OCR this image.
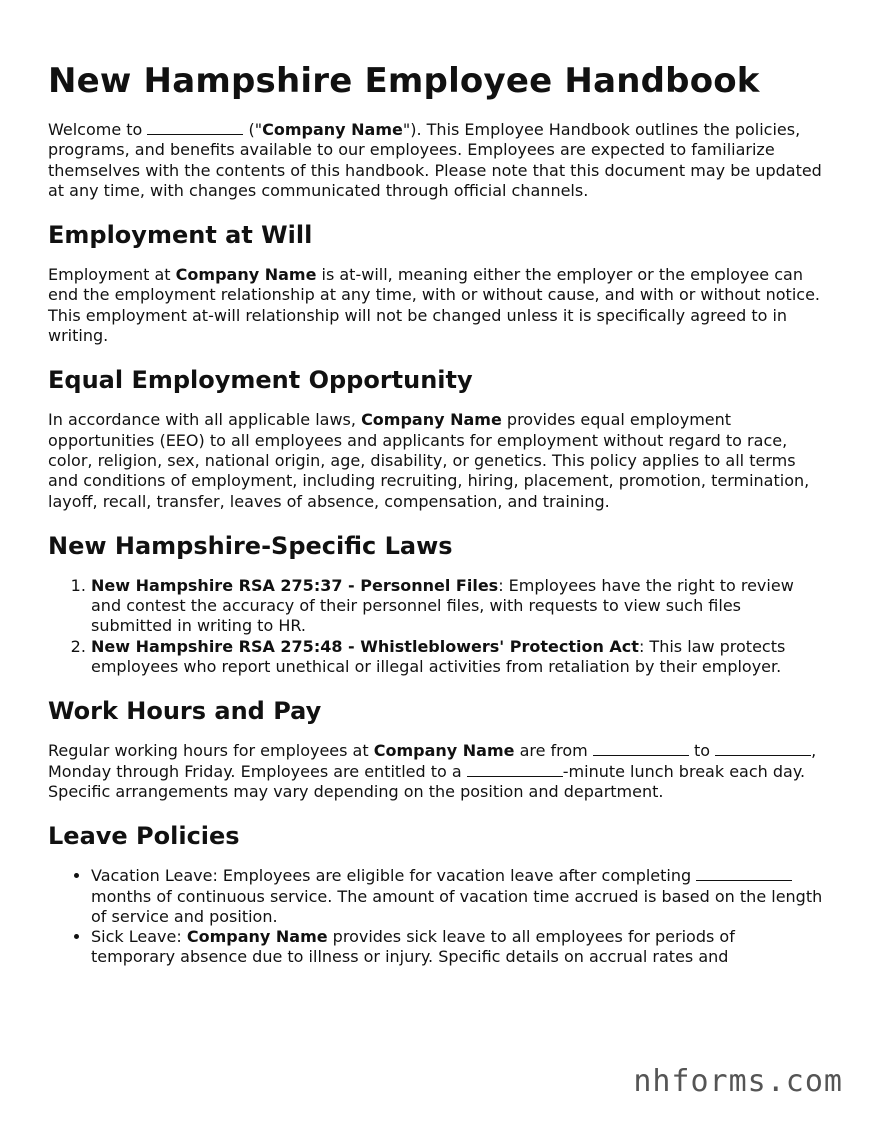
New Hampshire Employee Handbook

Welcome to	("Company Name"). This Employee Handbook outlines the policies, programs, and benefits available to our employees. Employees are expected to familiarize themselves with the contents of this handbook. Please note that this document may be updated at any time, with changes communicated through official channels.

Employment at Will

Employment at Company Name is at-will, meaning either the employer or the employee can end the employment relationship at any time, with or without cause, and with or without notice. This employment at-will relationship will not be changed unless it is specifically agreed to in writing.

Equal Employment Opportunity

In accordance with all applicable laws, Company Name provides equal employment opportunities (EEO) to all employees and applicants for employment without regard to race, color, religion, sex, national origin, age, disability, or genetics. This policy applies to all terms and conditions of employment, including recruiting, hiring, placement, promotion, termination, layoff, recall, transfer, leaves of absence, compensation, and training.

New Hampshire-Specific Laws
1. New Hampshire RSA 275:37 - Personnel Files: Employees have the right to review and contest the accuracy of their personnel files, with requests to view such files submitted in writing to HR.
2. New Hampshire RSA 275:48 - Whistleblowers' Protection Act: This law protects employees who report unethical or illegal activities from retaliation by their employer.
Work Hours and Pay

Regular working hours for employees at Company Name are from	to	, Monday through Friday. Employees are entitled to a	-minute lunch break each day. Specific arrangements may vary depending on the position and department.

Leave Policies
• Vacation Leave: Employees are eligible for vacation leave after completing  months of continuous service. The amount of vacation time accrued is based on the length of service and position.
• Sick Leave: Company Name provides sick leave to all employees for periods of temporary absence due to illness or injury. Specific details on accrual rates and
nhforms.com
